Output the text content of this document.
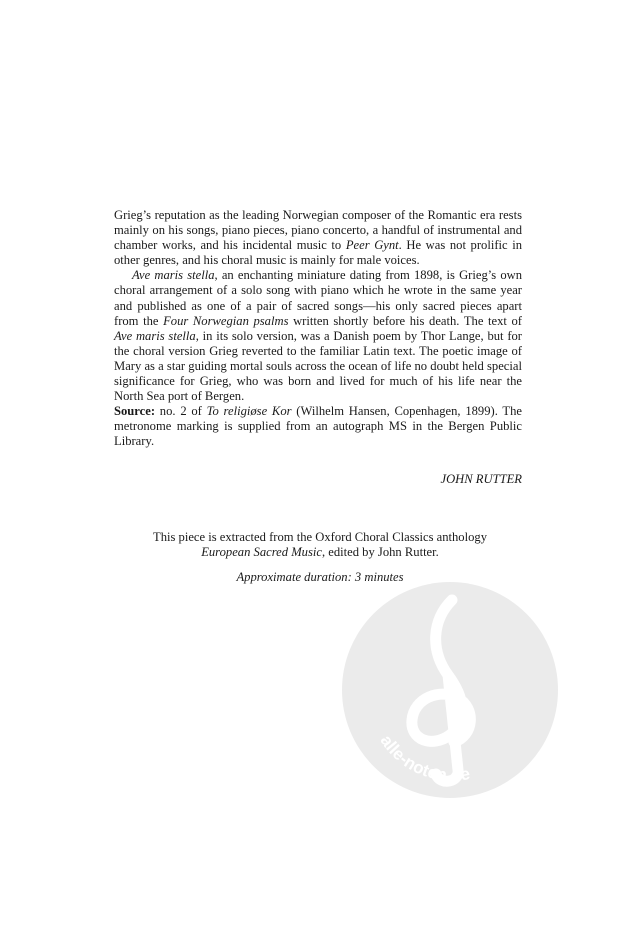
alle-noten.de

Grieg’s reputation as the leading Norwegian composer of the Romantic era rests mainly on his songs, piano pieces, piano concerto, a handful of instrumental and chamber works, and his incidental music to Peer Gynt. He was not prolific in other genres, and his choral music is mainly for male voices.

Ave maris stella, an enchanting miniature dating from 1898, is Grieg’s own choral arrangement of a solo song with piano which he wrote in the same year and published as one of a pair of sacred songs—his only sacred pieces apart from the Four Norwegian psalms written shortly before his death. The text of Ave maris stella, in its solo version, was a Danish poem by Thor Lange, but for the choral version Grieg reverted to the familiar Latin text. The poetic image of Mary as a star guiding mortal souls across the ocean of life no doubt held special significance for Grieg, who was born and lived for much of his life near the North Sea port of Bergen.

Source: no. 2 of To religiøse Kor (Wilhelm Hansen, Copenhagen, 1899). The metronome marking is supplied from an autograph MS in the Bergen Public Library.

JOHN RUTTER
This piece is extracted from the Oxford Choral Classics anthology
European Sacred Music, edited by John Rutter.
Approximate duration: 3 minutes
